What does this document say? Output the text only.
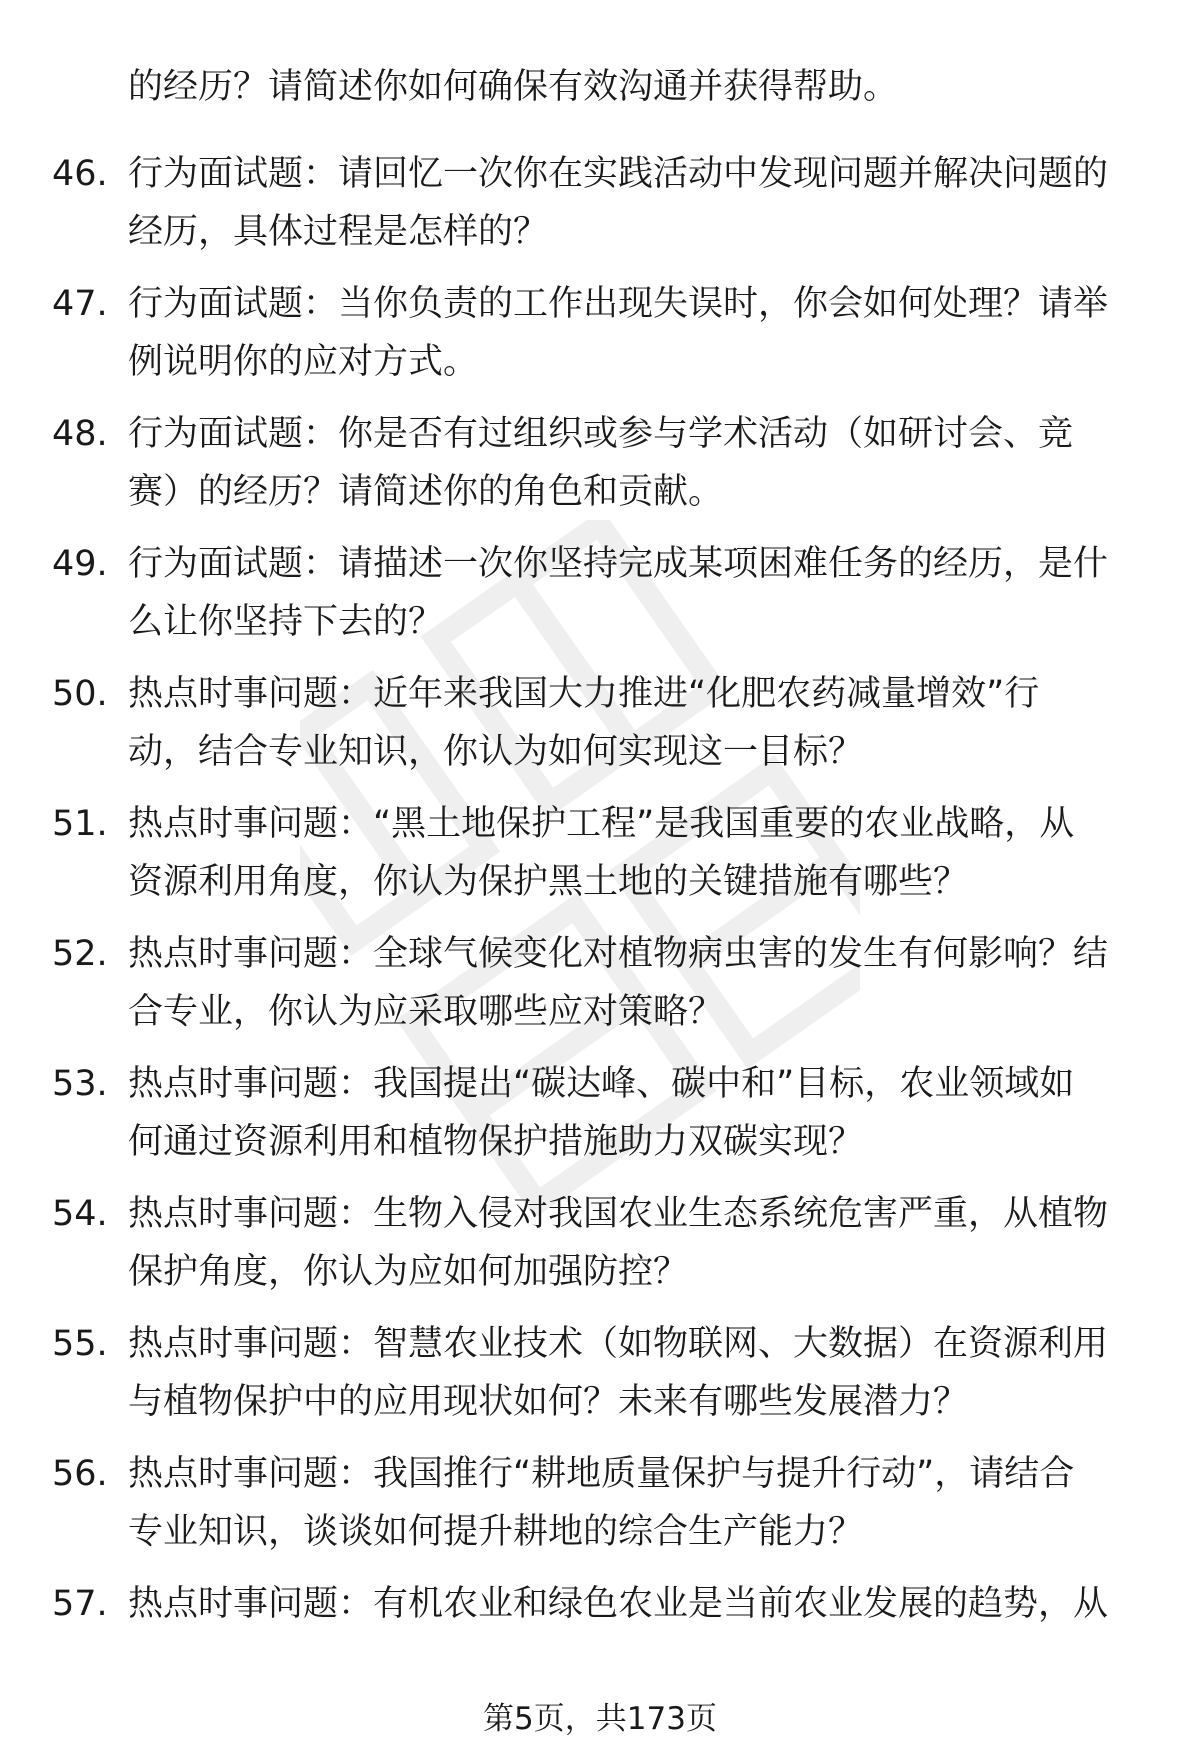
的经历？请简述你如何确保有效沟通并获得帮助。
46. 行为面试题：请回忆一次你在实践活动中发现问题并解决问题的
经历，具体过程是怎样的？
47. 行为面试题：当你负责的工作出现失误时，你会如何处理？请举
例说明你的应对方式。
48. 行为面试题：你是否有过组织或参与学术活动（如研讨会、竞
赛）的经历？请简述你的角色和贡献。
49. 行为面试题：请描述一次你坚持完成某项困难任务的经历，是什
么让你坚持下去的？
50. 热点时事问题：近年来我国大力推进“化肥农药减量增效”行
动，结合专业知识，你认为如何实现这一目标？
51. 热点时事问题：“黑土地保护工程”是我国重要的农业战略，从
资源利用角度，你认为保护黑土地的关键措施有哪些？
52. 热点时事问题：全球气候变化对植物病虫害的发生有何影响？结
合专业，你认为应采取哪些应对策略？
53. 热点时事问题：我国提出“碳达峰、碳中和”目标，农业领域如
何通过资源利用和植物保护措施助力双碳实现？
54. 热点时事问题：生物入侵对我国农业生态系统危害严重，从植物
保护角度，你认为应如何加强防控？
55. 热点时事问题：智慧农业技术（如物联网、大数据）在资源利用
与植物保护中的应用现状如何？未来有哪些发展潜力？
56. 热点时事问题：我国推行“耕地质量保护与提升行动”，请结合
专业知识，谈谈如何提升耕地的综合生产能力？
57. 热点时事问题：有机农业和绿色农业是当前农业发展的趋势，从
第5页，共173页
